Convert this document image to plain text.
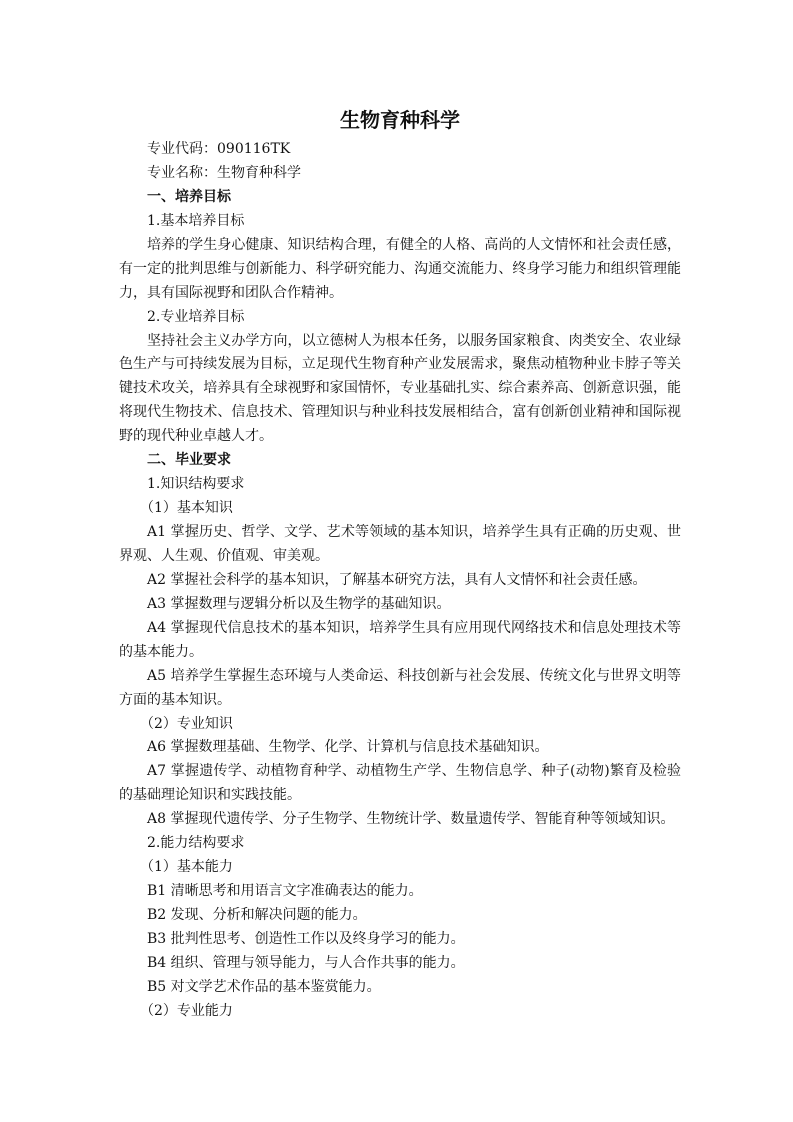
生物育种科学

专业代码：090116TK

专业名称：生物育种科学

一、培养目标

1.基本培养目标

培养的学生身心健康、知识结构合理，有健全的人格、高尚的人文情怀和社会责任感，有一定的批判思维与创新能力、科学研究能力、沟通交流能力、终身学习能力和组织管理能力，具有国际视野和团队合作精神。

2.专业培养目标

坚持社会主义办学方向，以立德树人为根本任务，以服务国家粮食、肉类安全、农业绿色生产与可持续发展为目标，立足现代生物育种产业发展需求，聚焦动植物种业卡脖子等关键技术攻关，培养具有全球视野和家国情怀，专业基础扎实、综合素养高、创新意识强，能将现代生物技术、信息技术、管理知识与种业科技发展相结合，富有创新创业精神和国际视野的现代种业卓越人才。

二、毕业要求

1.知识结构要求

（1）基本知识

A1 掌握历史、哲学、文学、艺术等领域的基本知识，培养学生具有正确的历史观、世界观、人生观、价值观、审美观。

A2 掌握社会科学的基本知识，了解基本研究方法，具有人文情怀和社会责任感。

A3 掌握数理与逻辑分析以及生物学的基础知识。

A4 掌握现代信息技术的基本知识，培养学生具有应用现代网络技术和信息处理技术等的基本能力。

A5 培养学生掌握生态环境与人类命运、科技创新与社会发展、传统文化与世界文明等方面的基本知识。

（2）专业知识

A6 掌握数理基础、生物学、化学、计算机与信息技术基础知识。

A7 掌握遗传学、动植物育种学、动植物生产学、生物信息学、种子(动物)繁育及检验的基础理论知识和实践技能。

A8 掌握现代遗传学、分子生物学、生物统计学、数量遗传学、智能育种等领域知识。

2.能力结构要求

（1）基本能力

B1 清晰思考和用语言文字准确表达的能力。

B2 发现、分析和解决问题的能力。

B3 批判性思考、创造性工作以及终身学习的能力。

B4 组织、管理与领导能力，与人合作共事的能力。

B5 对文学艺术作品的基本鉴赏能力。

（2）专业能力
